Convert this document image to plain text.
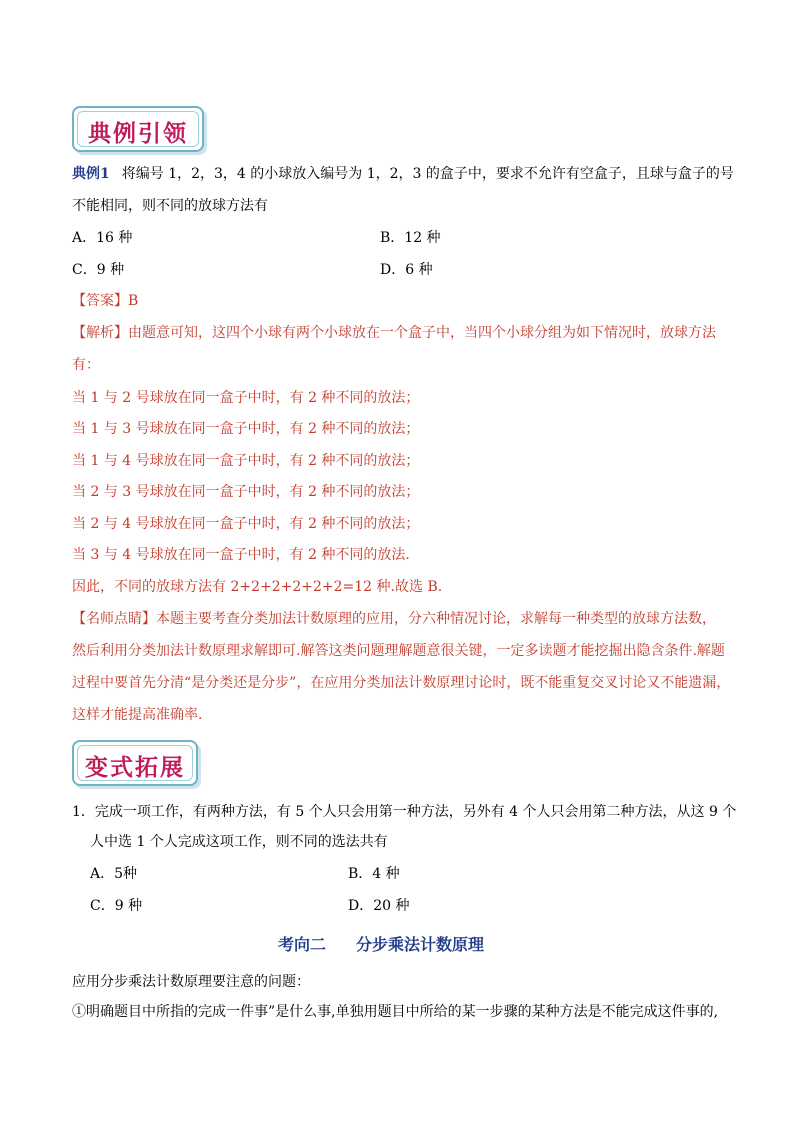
典例引领
典例1 将编号 1，2，3，4 的小球放入编号为 1，2，3 的盒子中，要求不允许有空盒子，且球与盒子的号
不能相同，则不同的放球方法有
A．16 种	B．12 种
C．9 种	D．6 种
【答案】B
【解析】由题意可知，这四个小球有两个小球放在一个盒子中，当四个小球分组为如下情况时，放球方法
有：
当 1 与 2 号球放在同一盒子中时，有 2 种不同的放法；
当 1 与 3 号球放在同一盒子中时，有 2 种不同的放法；
当 1 与 4 号球放在同一盒子中时，有 2 种不同的放法；
当 2 与 3 号球放在同一盒子中时，有 2 种不同的放法；
当 2 与 4 号球放在同一盒子中时，有 2 种不同的放法；
当 3 与 4 号球放在同一盒子中时，有 2 种不同的放法.
因此，不同的放球方法有 2+2+2+2+2+2=12 种.故选 B.
【名师点睛】本题主要考查分类加法计数原理的应用，分六种情况讨论，求解每一种类型的放球方法数，
然后利用分类加法计数原理求解即可.解答这类问题理解题意很关键，一定多读题才能挖掘出隐含条件.解题
过程中要首先分清“是分类还是分步”，在应用分类加法计数原理讨论时，既不能重复交叉讨论又不能遗漏，
这样才能提高准确率.
变式拓展
1．完成一项工作，有两种方法，有 5 个人只会用第一种方法，另外有 4 个人只会用第二种方法，从这 9 个
人中选 1 个人完成这项工作，则不同的选法共有
A．5种	B．4 种
C．9 种	D．20 种
考向二 分步乘法计数原理
应用分步乘法计数原理要注意的问题：
①明确题目中所指的完成一件事”是什么事,单独用题目中所给的某一步骤的某种方法是不能完成这件事的,
